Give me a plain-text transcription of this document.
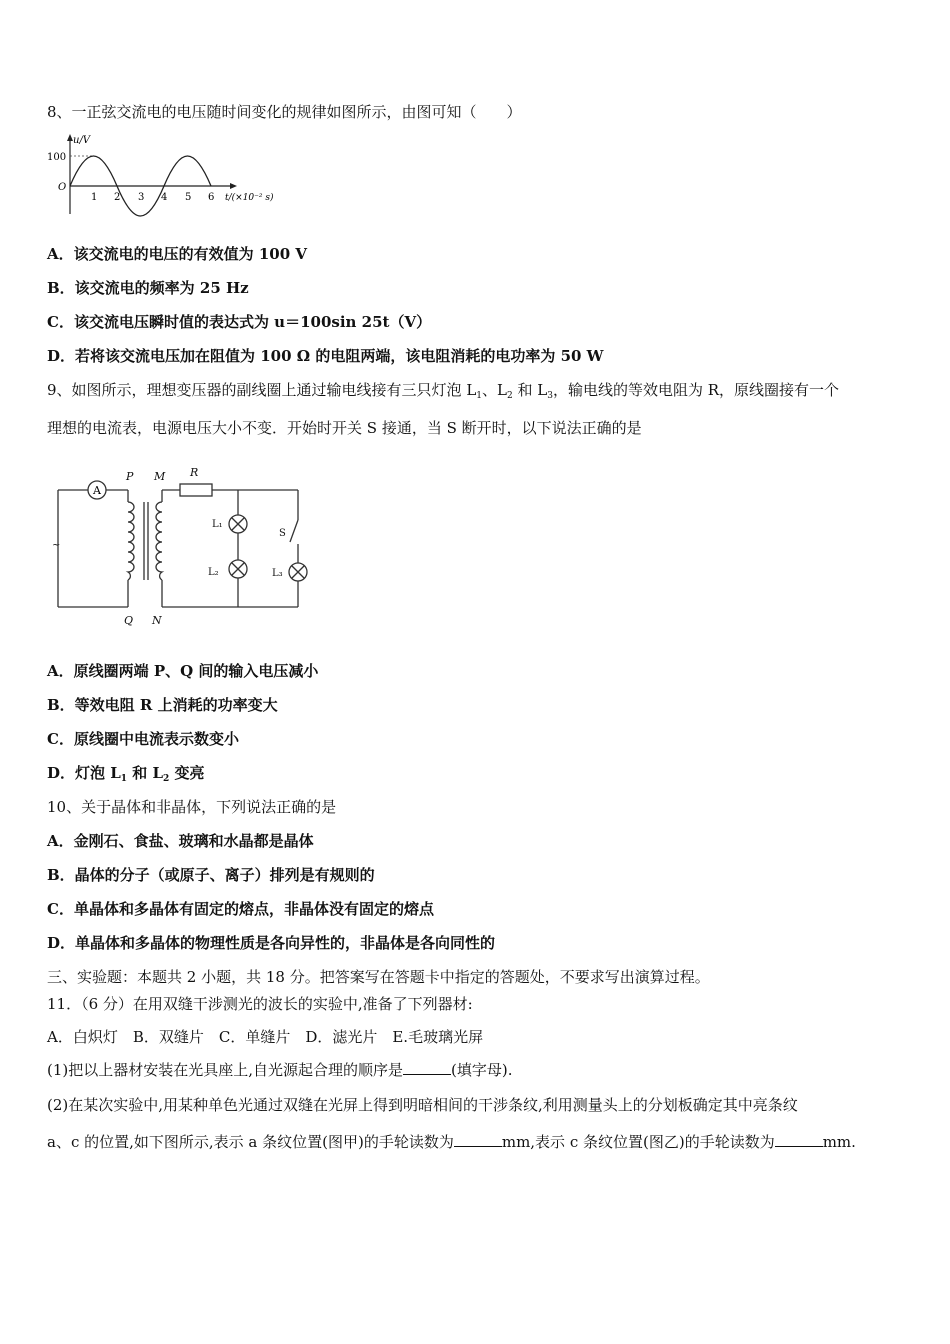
8、一正弦交流电的电压随时间变化的规律如图所示，由图可知（　　）
u/V
100
O
1 2 3 4 5 6 t/(×10⁻² s)
A．该交流电的电压的有效值为 100 V
B．该交流电的频率为 25 Hz
C．该交流电压瞬时值的表达式为 u＝100sin 25t（V）
D．若将该交流电压加在阻值为 100 Ω 的电阻两端，该电阻消耗的电功率为 50 W
9、如图所示，理想变压器的副线圈上通过输电线接有三只灯泡 $L_1$、$L_2$ 和 $L_3$，输电线的等效电阻为 R，原线圈接有一个
理想的电流表，电源电压大小不变．开始时开关 S 接通，当 S 断开时，以下说法正确的是
A
P M R
Q N
S
L₁
L₂	L₃
~
A．原线圈两端 P、Q 间的输入电压减小
B．等效电阻 R 上消耗的功率变大
C．原线圈中电流表示数变小
D．灯泡 $L_1$ 和 $L_2$ 变亮
10、关于晶体和非晶体，下列说法正确的是
A．金刚石、食盐、玻璃和水晶都是晶体
B．晶体的分子（或原子、离子）排列是有规则的
C．单晶体和多晶体有固定的熔点，非晶体没有固定的熔点
D．单晶体和多晶体的物理性质是各向异性的，非晶体是各向同性的
三、实验题：本题共 2 小题，共 18 分。把答案写在答题卡中指定的答题处，不要求写出演算过程。
11．（6 分）在用双缝干涉测光的波长的实验中,准备了下列器材:
A．白炽灯　B．双缝片　C．单缝片　D．滤光片　E.毛玻璃光屏
(1)把以上器材安装在光具座上,自光源起合理的顺序是	(填字母).
(2)在某次实验中,用某种单色光通过双缝在光屏上得到明暗相间的干涉条纹,利用测量头上的分划板确定其中亮条纹
a、c 的位置,如下图所示,表示 a 条纹位置(图甲)的手轮读数为	mm,表示 c 条纹位置(图乙)的手轮读数为	mm.
